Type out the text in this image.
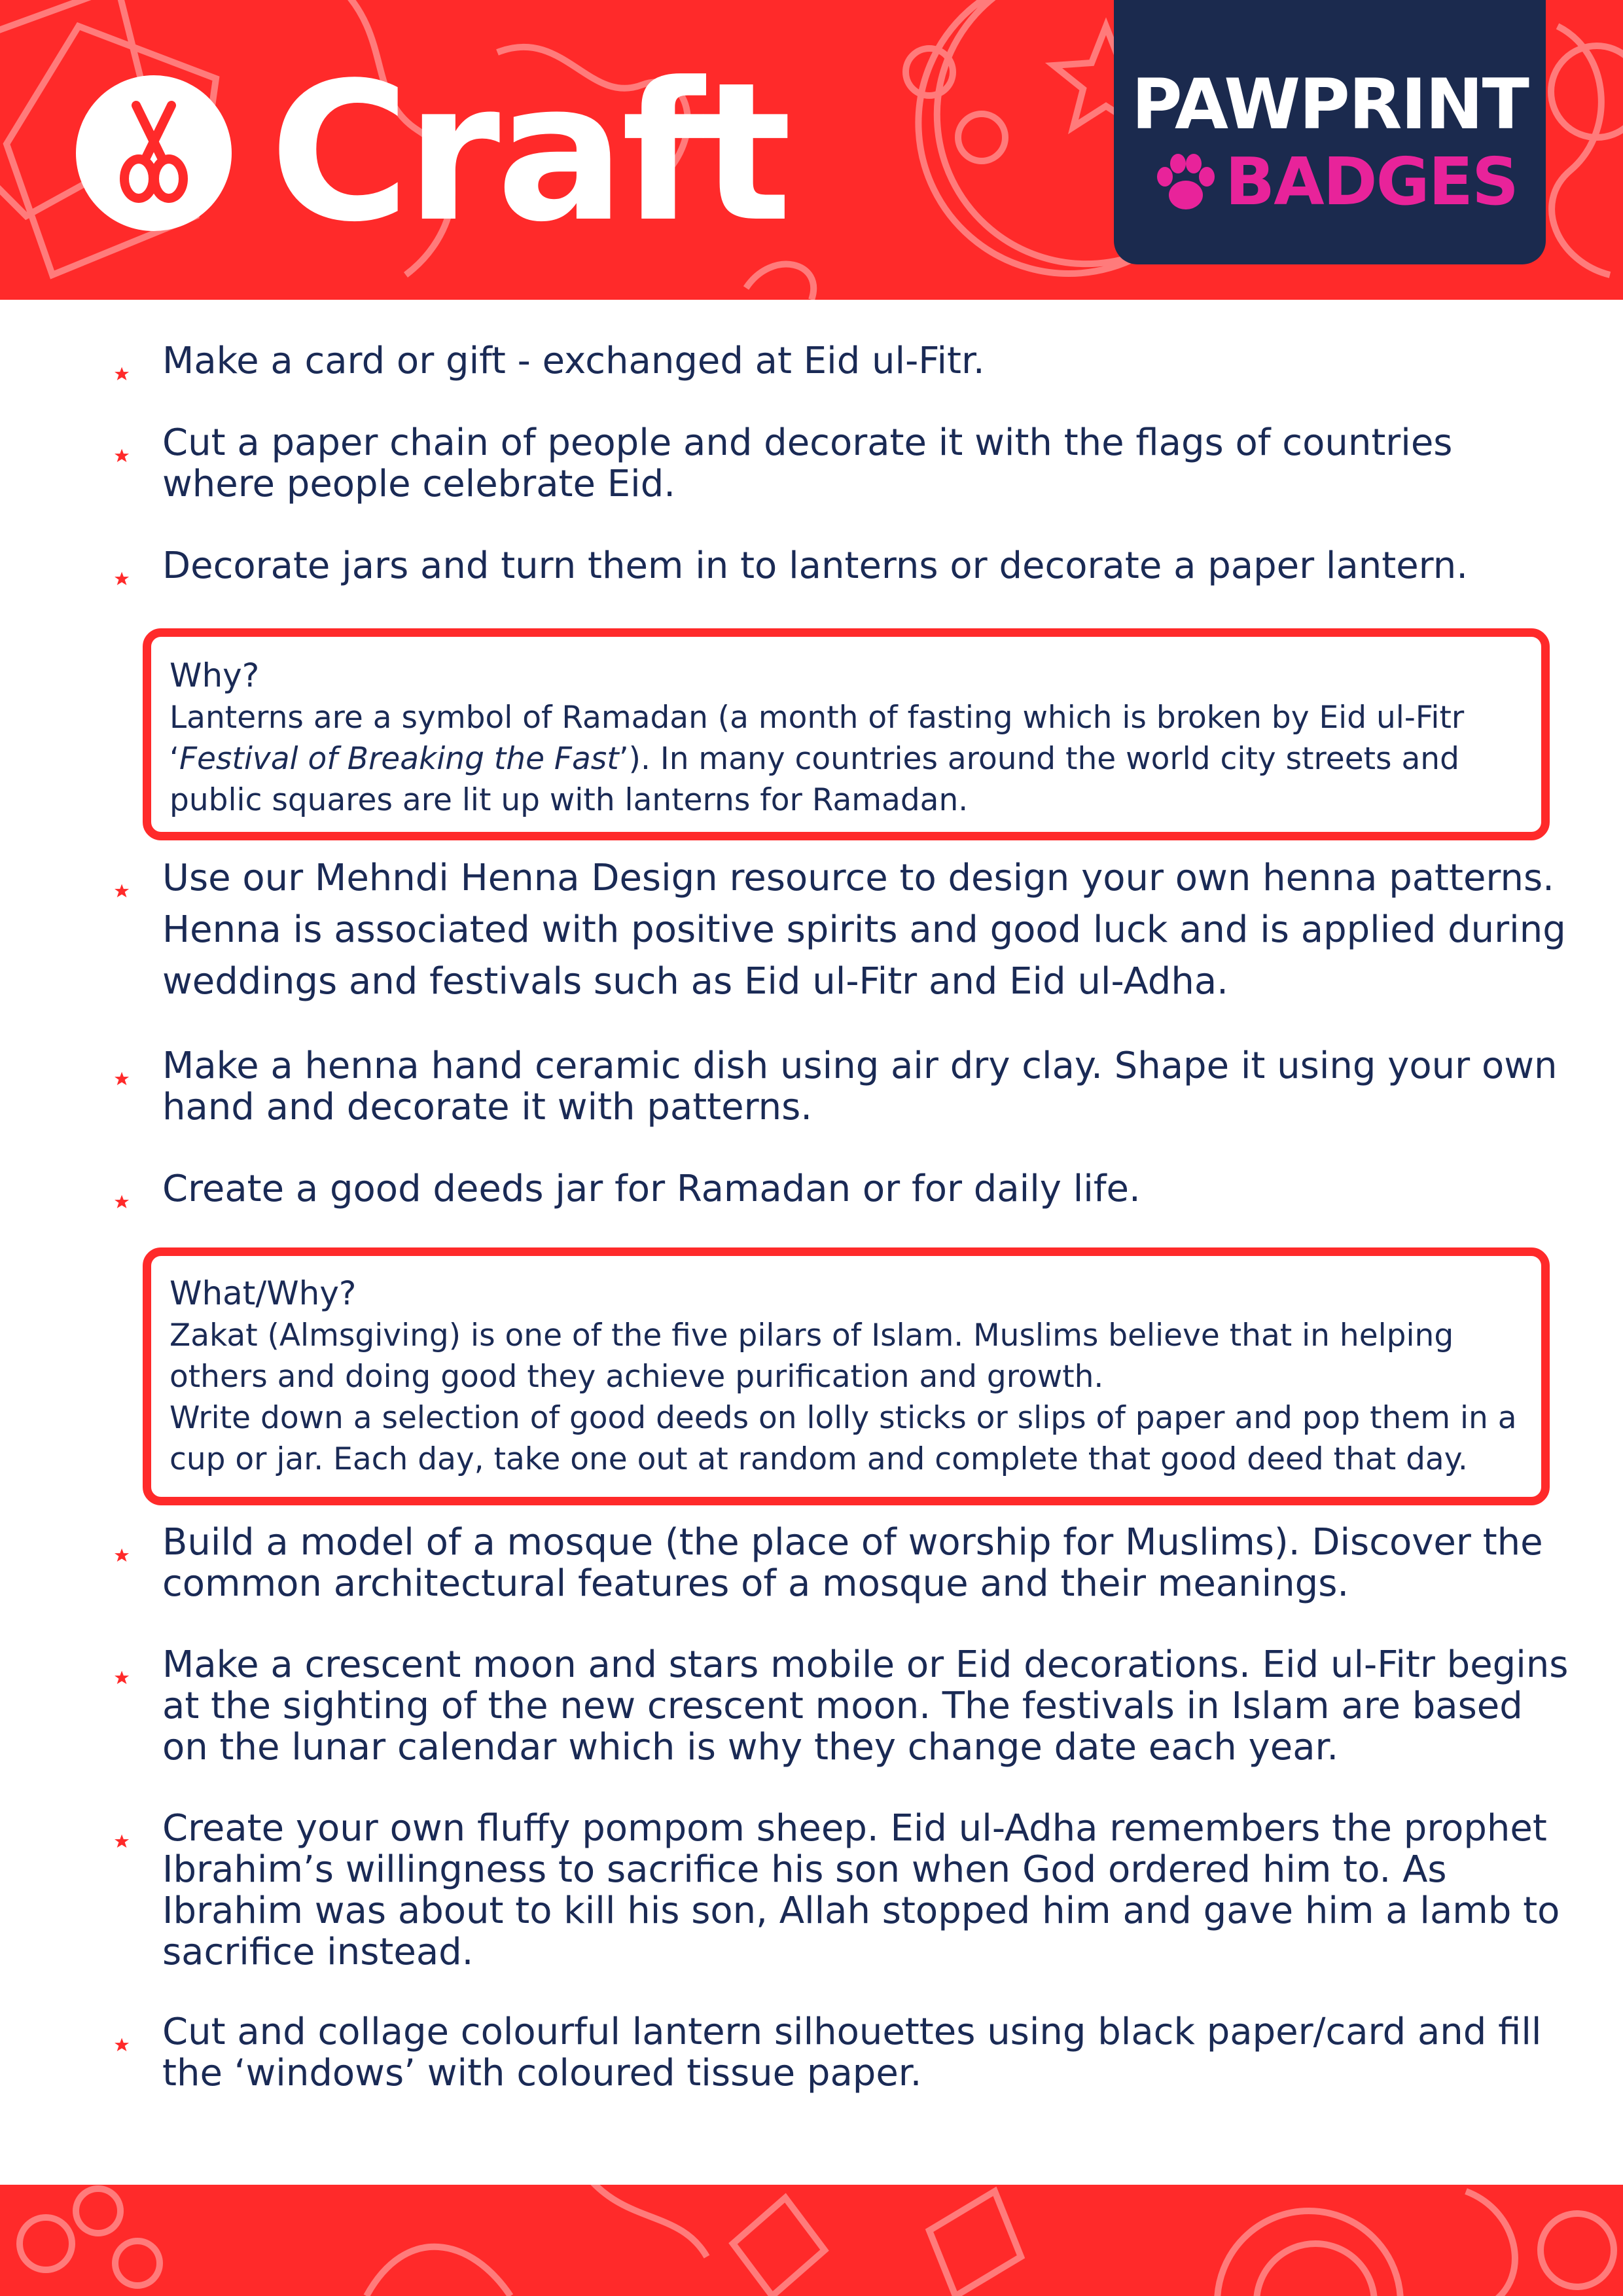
Craft	PAWPRINT
BADGES
Make a card or gift - exchanged at Eid ul-Fitr.
Cut a paper chain of people and decorate it with the flags of countries where people celebrate Eid.
Decorate jars and turn them in to lanterns or decorate a paper lantern.
Why?
Lanterns are a symbol of Ramadan (a month of fasting which is broken by Eid ul-Fitr ‘Festival of Breaking the Fast’). In many countries around the world city streets and public squares are lit up with lanterns for Ramadan.
Use our Mehndi Henna Design resource to design your own henna patterns. Henna is associated with positive spirits and good luck and is applied during weddings and festivals such as Eid ul-Fitr and Eid ul-Adha.
Make a henna hand ceramic dish using air dry clay. Shape it using your own hand and decorate it with patterns.
Create a good deeds jar for Ramadan or for daily life.
What/Why?

Zakat (Almsgiving) is one of the five pilars of Islam. Muslims believe that in helping others and doing good they achieve purification and growth.

Write down a selection of good deeds on lolly sticks or slips of paper and pop them in a cup or jar. Each day, take one out at random and complete that good deed that day.

Build a model of a mosque (the place of worship for Muslims). Discover the common architectural features of a mosque and their meanings.
Make a crescent moon and stars mobile or Eid decorations. Eid ul-Fitr begins at the sighting of the new crescent moon. The festivals in Islam are based on the lunar calendar which is why they change date each year.
Create your own fluffy pompom sheep. Eid ul-Adha remembers the prophet Ibrahim’s willingness to sacrifice his son when God ordered him to. As Ibrahim was about to kill his son, Allah stopped him and gave him a lamb to sacrifice instead.
Cut and collage colourful lantern silhouettes using black paper/card and fill the ‘windows’ with coloured tissue paper.
